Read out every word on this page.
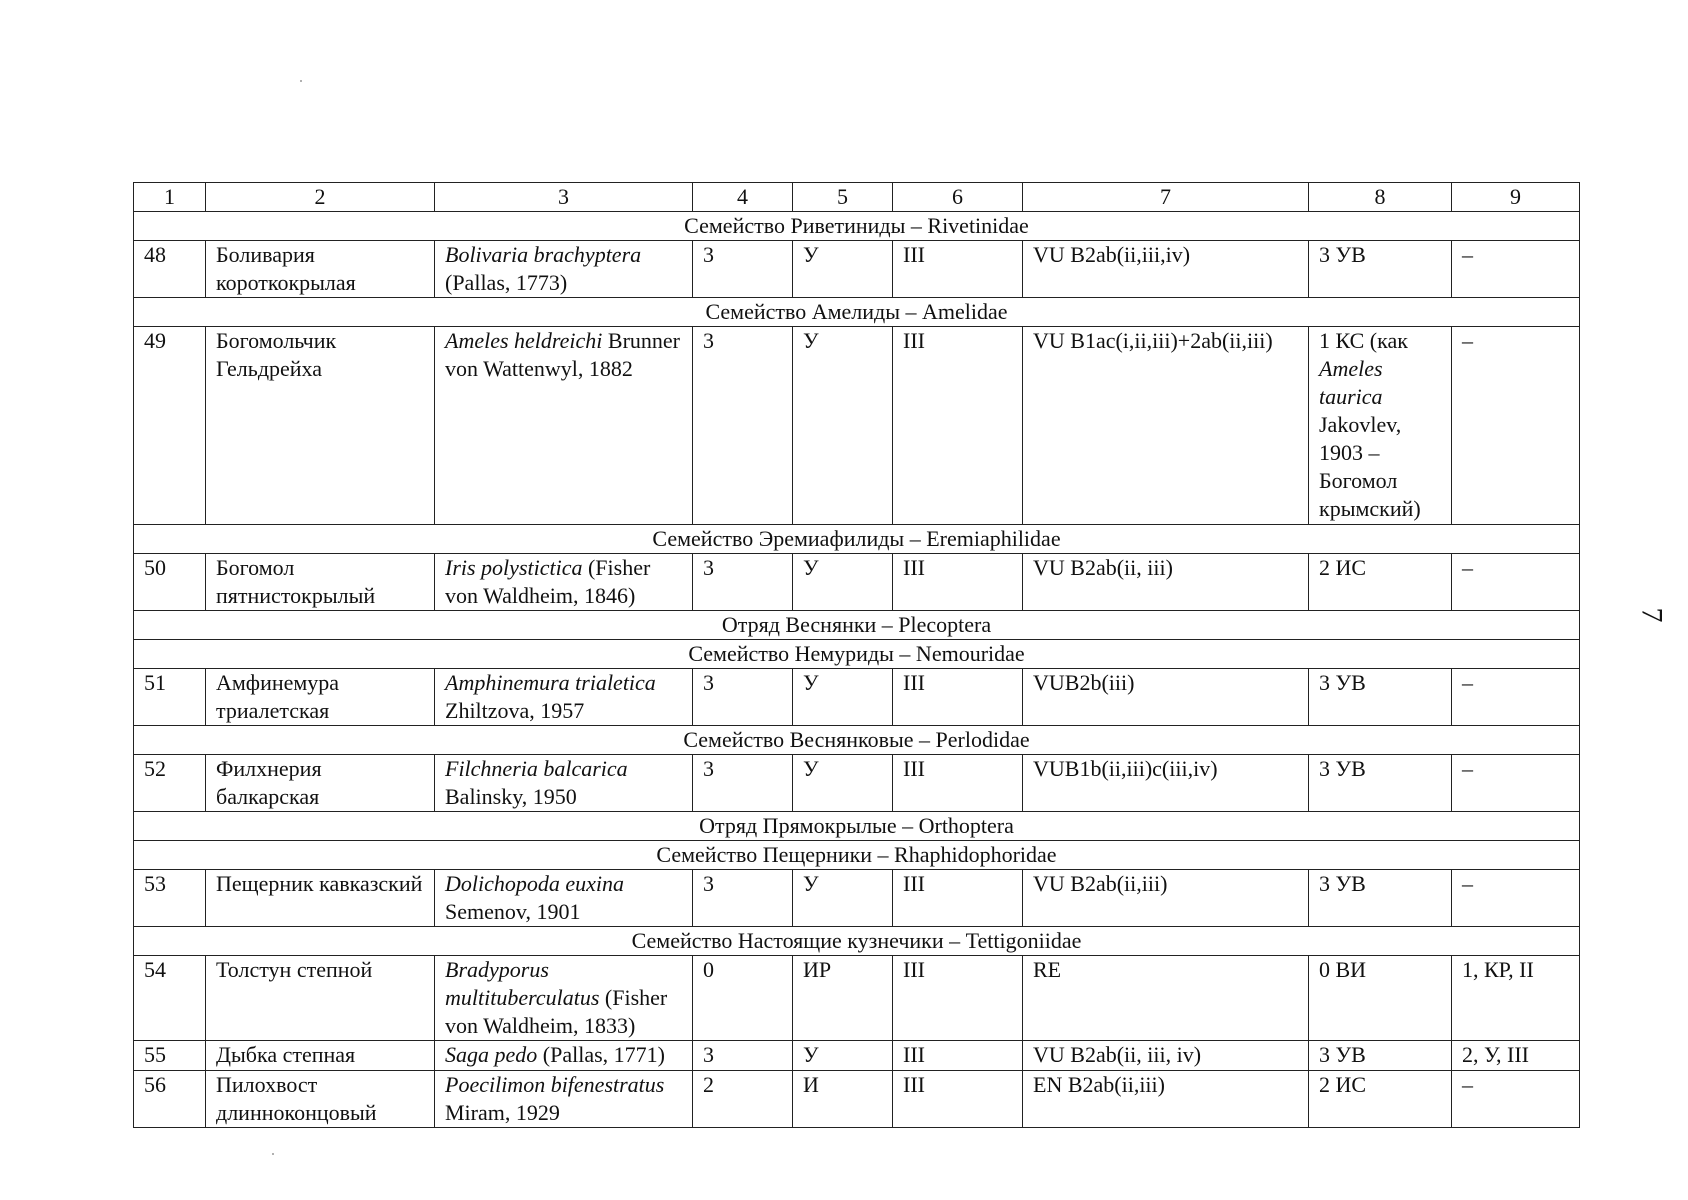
1	2	3	4	5	6	7	8	9
Семейство Риветиниды – Rivetinidae								
48	Боливария короткокрылая	Bolivaria brachyptera (Pallas, 1773)	3	У	III	VU B2ab(ii,iii,iv)	3 УВ	–
Семейство Амелиды – Amelidae								
49	Богомольчик Гельдрейха	Ameles heldreichi Brunner von Wattenwyl, 1882	3	У	III	VU B1ac(i,ii,iii)+2ab(ii,iii)	1 КС (как Ameles taurica Jakovlev, 1903 – Богомол крымский)	–
Семейство Эремиафилиды – Eremiaphilidae								
50	Богомол пятнистокрылый	Iris polystictica (Fisher von Waldheim, 1846)	3	У	III	VU B2ab(ii, iii)	2 ИС	–
Отряд Веснянки – Plecoptera								
Семейство Немуриды – Nemouridae								
51	Амфинемура триалетская	Amphinemura trialetica Zhiltzova, 1957	3	У	III	VUB2b(iii)	3 УВ	–
Семейство Веснянковые – Perlodidae								
52	Филхнерия балкарская	Filchneria balcarica Balinsky, 1950	3	У	III	VUB1b(ii,iii)c(iii,iv)	3 УВ	–
Отряд Прямокрылые – Orthoptera								
Семейство Пещерники – Rhaphidophoridae								
53	Пещерник кавказский	Dolichopoda euxina Semenov, 1901	3	У	III	VU B2ab(ii,iii)	3 УВ	–
Семейство Настоящие кузнечики – Tettigoniidae								
54	Толстун степной	Bradyporus multituberculatus (Fisher von Waldheim, 1833)	0	ИР	III	RE	0 ВИ	1, КР, II
55	Дыбка степная	Saga pedo (Pallas, 1771)	3	У	III	VU B2ab(ii, iii, iv)	3 УВ	2, У, III
56	Пилохвост длинноконцовый	Poecilimon bifenestratus Miram, 1929	2	И	III	EN B2ab(ii,iii)	2 ИС	–
7
